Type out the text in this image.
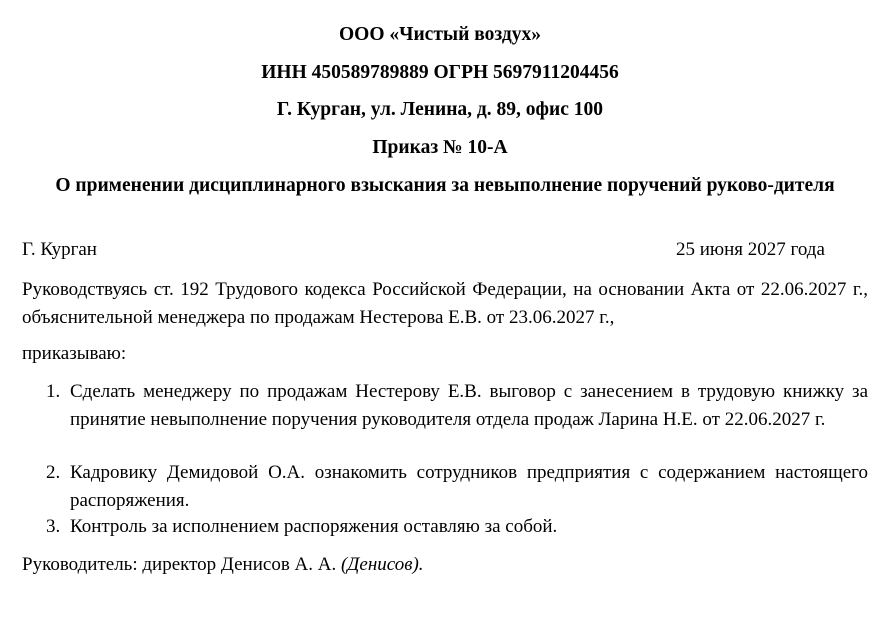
ООО «Чистый воздух»
ИНН 450589789889 ОГРН 5697911204456
Г. Курган, ул. Ленина, д. 89, офис 100
Приказ № 10-А
О применении дисциплинарного взыскания за невыполнение поручений руково-дителя
Г. Курган	25 июня 2027 года
Руководствуясь ст. 192 Трудового кодекса Российской Федерации, на основании Акта от 22.06.2027 г., объяснительной менеджера по продажам Нестерова Е.В. от 23.06.2027 г.,
приказываю:
1. Сделать менеджеру по продажам Нестерову Е.В. выговор с занесением в трудовую книжку за принятие невыполнение поручения руководителя отдела продаж Ларина Н.Е. от 22.06.2027 г.
2. Кадровику Демидовой О.А. ознакомить сотрудников предприятия с содержанием настоящего распоряжения.
3. Контроль за исполнением распоряжения оставляю за собой.
Руководитель: директор Денисов А. А. (Денисов).
